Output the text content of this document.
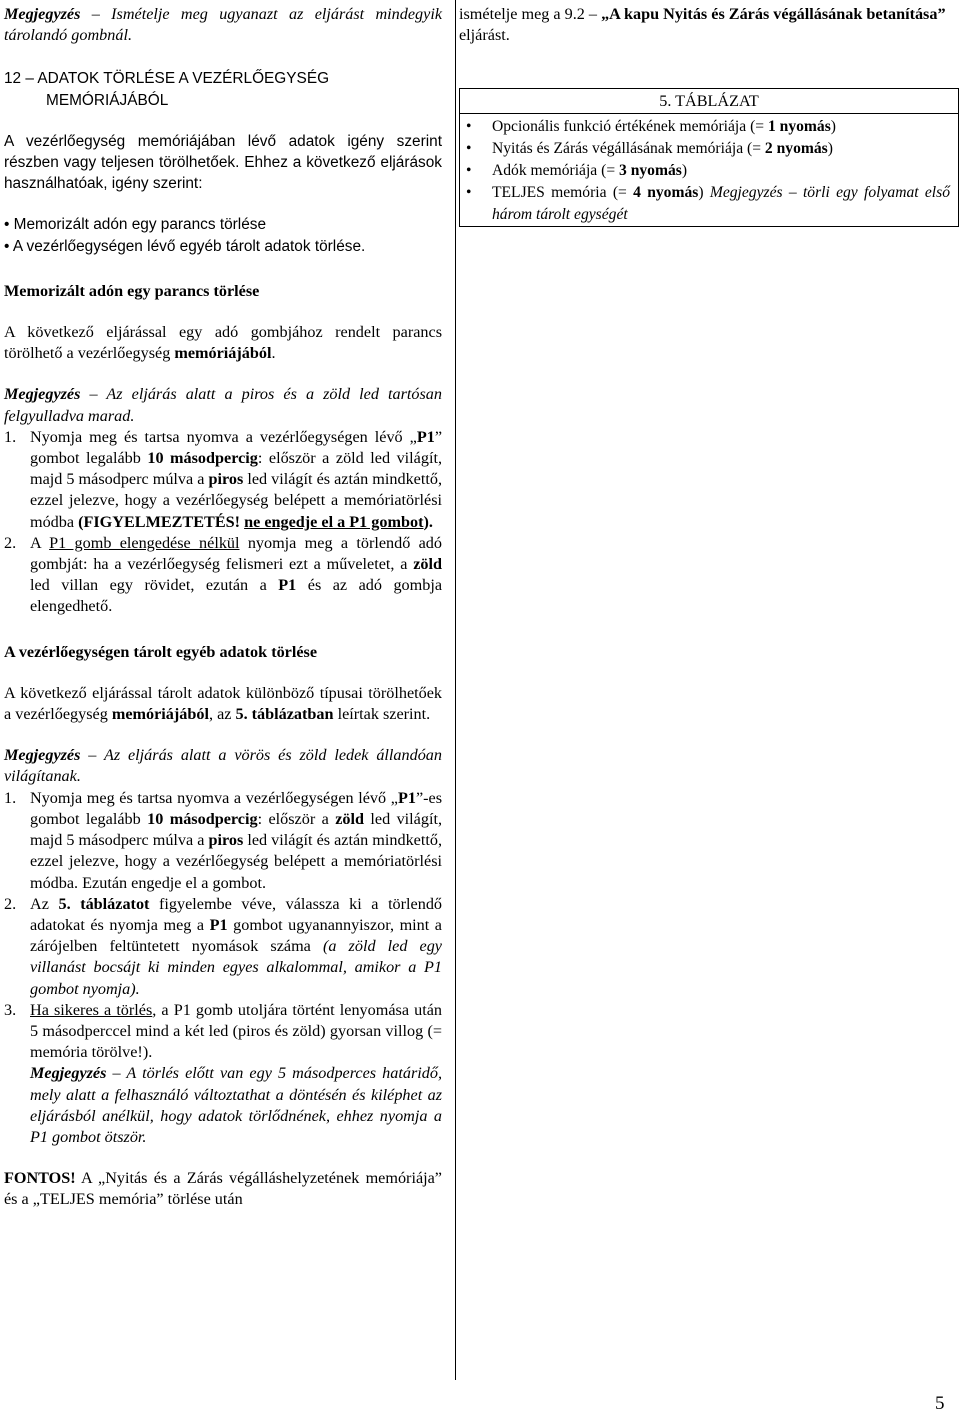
Megjegyzés – Ismételje meg ugyanazt az eljárást mindegyik tárolandó gombnál.

12 – ADATOK TÖRLÉSE A VEZÉRLŐEGYSÉG
MEMÓRIÁJÁBÓL

A vezérlőegység memóriájában lévő adatok igény szerint részben vagy teljesen törölhetőek. Ehhez a következő eljárások használhatóak, igény szerint:

• Memorizált adón egy parancs törlése
• A vezérlőegységen lévő egyéb tárolt adatok törlése.

Memorizált adón egy parancs törlése

A következő eljárással egy adó gombjához rendelt parancs törölhető a vezérlőegység memóriájából.

Megjegyzés – Az eljárás alatt a piros és a zöld led tartósan felgyulladva marad.

1. Nyomja meg és tartsa nyomva a vezérlőegységen lévő „P1” gombot legalább 10 másodpercig: először a zöld led világít, majd 5 másodperc múlva a piros led világít és aztán mindkettő, ezzel jelezve, hogy a vezérlőegység belépett a memóriatörlési módba (FIGYELMEZTETÉS! ne engedje el a P1 gombot).
2. A P1 gomb elengedése nélkül nyomja meg a törlendő adó gombját: ha a vezérlőegység felismeri ezt a műveletet, a zöld led villan egy rövidet, ezután a P1 és az adó gombja elengedhető.

A vezérlőegységen tárolt egyéb adatok törlése

A következő eljárással tárolt adatok különböző típusai törölhetőek a vezérlőegység memóriájából, az 5. táblázatban leírtak szerint.

Megjegyzés – Az eljárás alatt a vörös és zöld ledek állandóan világítanak.

1. Nyomja meg és tartsa nyomva a vezérlőegységen lévő „P1”-es gombot legalább 10 másodpercig: először a zöld led világít, majd 5 másodperc múlva a piros led világít és aztán mindkettő, ezzel jelezve, hogy a vezérlőegység belépett a memóriatörlési módba. Ezután engedje el a gombot.
2. Az 5. táblázatot figyelembe véve, válassza ki a törlendő adatokat és nyomja meg a P1 gombot ugyanannyiszor, mint a zárójelben feltüntetett nyomások száma (a zöld led egy villanást bocsájt ki minden egyes alkalommal, amikor a P1 gombot nyomja).
3. Ha sikeres a törlés, a P1 gomb utoljára történt lenyomása után 5 másodperccel mind a két led (piros és zöld) gyorsan villog (= memória törölve!).
Megjegyzés – A törlés előtt van egy 5 másodperces határidő, mely alatt a felhasználó változtathat a döntésén és kiléphet az eljárásból anélkül, hogy adatok törlődnének, ehhez nyomja a P1 gombot ötször.

FONTOS! A „Nyitás és a Zárás végálláshelyzetének memóriája” és a „TELJES memória” törlése után

ismételje meg a 9.2 – „A kapu Nyitás és Zárás végállásának betanítása” eljárást.

5. TÁBLÁZAT
•	Opcionális funkció értékének memóriája (= 1 nyomás)
•	Nyitás és Zárás végállásának memóriája (= 2 nyomás)
•	Adók memóriája (= 3 nyomás)
•	TELJES memória (= 4 nyomás) Megjegyzés – törli egy folyamat első három tárolt egységét
5
